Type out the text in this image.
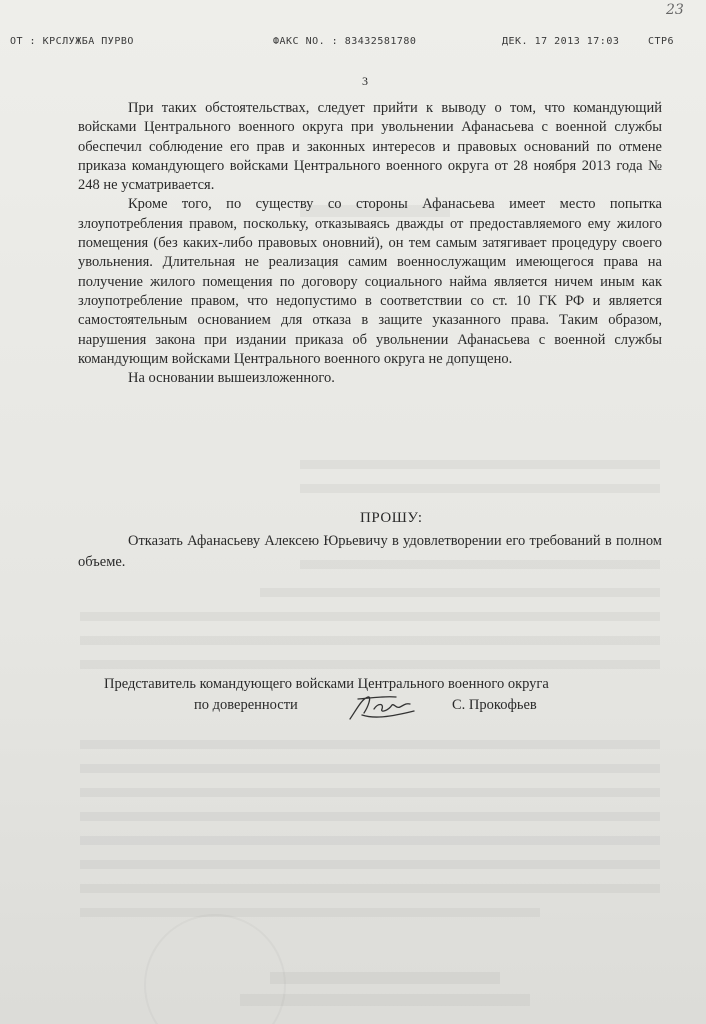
ОТ : КРСЛУЖБА ПУРВО	ФАКС NO. : 83432581780	ДЕК. 17 2013 17:03	СТР6
23
3

При таких обстоятельствах, следует прийти к выводу о том, что командующий войсками Центрального военного округа при увольнении Афанасьева с военной службы обеспечил соблюдение его прав и законных интересов и правовых оснований по отмене приказа командующего войсками Центрального военного округа от 28 ноября 2013 года № 248 не усматривается.

Кроме того, по существу со стороны Афанасьева имеет место попытка злоупотребления правом, поскольку, отказываясь дважды от предоставляемого ему жилого помещения (без каких-либо правовых оновний), он тем самым затягивает процедуру своего увольнения. Длительная не реализация самим военнослужащим имеющегося права на получение жилого помещения по договору социального найма является ничем иным как злоупотребление правом, что недопустимо в соответствии со ст. 10 ГК РФ и является самостоятельным основанием для отказа в защите указанного права. Таким образом, нарушения закона при издании приказа об увольнении Афанасьева с военной службы командующим войсками Центрального военного округа не допущено.

На основании вышеизложенного.

ПРОШУ:
Отказать Афанасьеву Алексею Юрьевичу в удовлетворении его требований в полном объеме.
Представитель командующего войсками Центрального военного округа
по доверенности	С. Прокофьев
